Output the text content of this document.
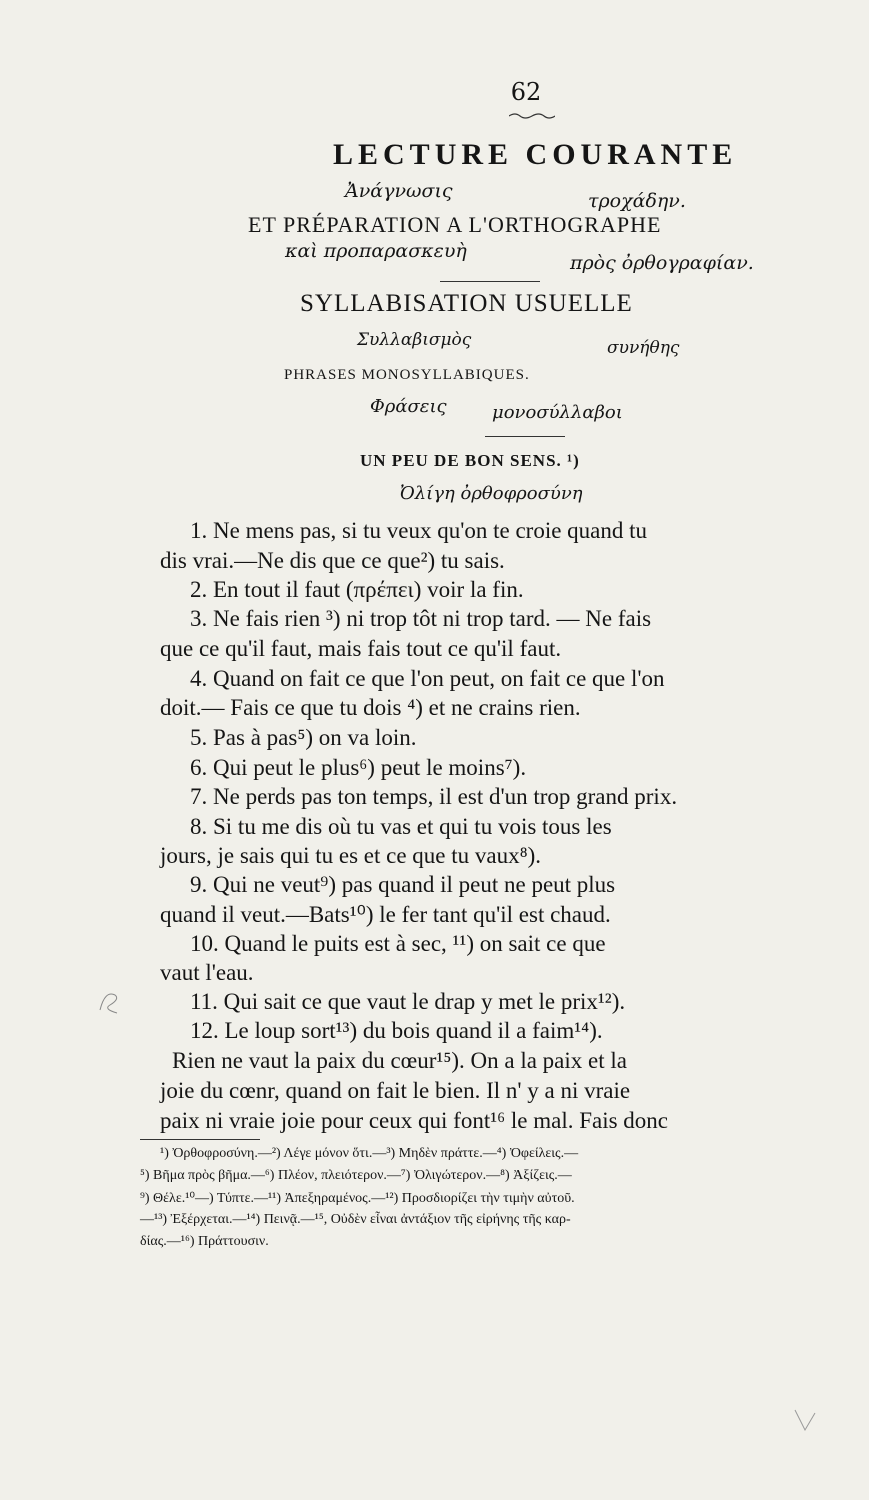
62
LECTURE COURANTE
Ἀνάγνωσις	τροχάδην.
ET PRÉPARATION A L'ORTHOGRAPHE
καὶ προπαρασκευὴ
πρὸς ὀρθογραφίαν.
SYLLABISATION USUELLE
Συλλαβισμὸς	συνήθης
PHRASES MONOSYLLABIQUES.
Φράσεις	μονοσύλλαβοι
UN PEU DE BON SENS. ¹)
Ὀλίγη ὀρθοφροσύνη
1. Ne mens pas, si tu veux qu'on te croie quand tu
dis vrai.—Ne dis que ce que²) tu sais.
2. En tout il faut (πρέπει) voir la fin.
3. Ne fais rien ³) ni trop tôt ni trop tard. — Ne fais
que ce qu'il faut, mais fais tout ce qu'il faut.
4. Quand on fait ce que l'on peut, on fait ce que l'on
doit.— Fais ce que tu dois ⁴) et ne crains rien.
5. Pas à pas⁵) on va loin.
6. Qui peut le plus⁶) peut le moins⁷).
7. Ne perds pas ton temps, il est d'un trop grand prix.
8. Si tu me dis où tu vas et qui tu vois tous les
jours, je sais qui tu es et ce que tu vaux⁸).
9. Qui ne veut⁹) pas quand il peut ne peut plus
quand il veut.—Bats¹⁰) le fer tant qu'il est chaud.
10. Quand le puits est à sec, ¹¹) on sait ce que
vaut l'eau.
11. Qui sait ce que vaut le drap y met le prix¹²).
12. Le loup sort¹³) du bois quand il a faim¹⁴).
Rien ne vaut la paix du cœur¹⁵). On a la paix et la
joie du cœnr, quand on fait le bien. Il n' y a ni vraie
paix ni vraie joie pour ceux qui font¹⁶ le mal. Fais donc
¹) Ὀρθοφροσύνη.—²) Λέγε μόνον ὅτι.—³) Μηδὲν πράττε.—⁴) Ὀφείλεις.—
⁵) Βῆμα πρὸς βῆμα.—⁶) Πλέον, πλειότερον.—⁷) Ὀλιγώτερον.—⁸) Ἀξίζεις.—
⁹) Θέλε.¹⁰—) Τύπτε.—¹¹) Ἀπεξηραμένος.—¹²) Προσδιορίζει τὴν τιμὴν αὐτοῦ.
—¹³) Ἐξέρχεται.—¹⁴) Πεινᾷ.—¹⁵, Οὐδὲν εἶναι ἀντάξιον τῆς εἰρήνης τῆς καρ-
δίας.—¹⁶) Πράττουσιν.
